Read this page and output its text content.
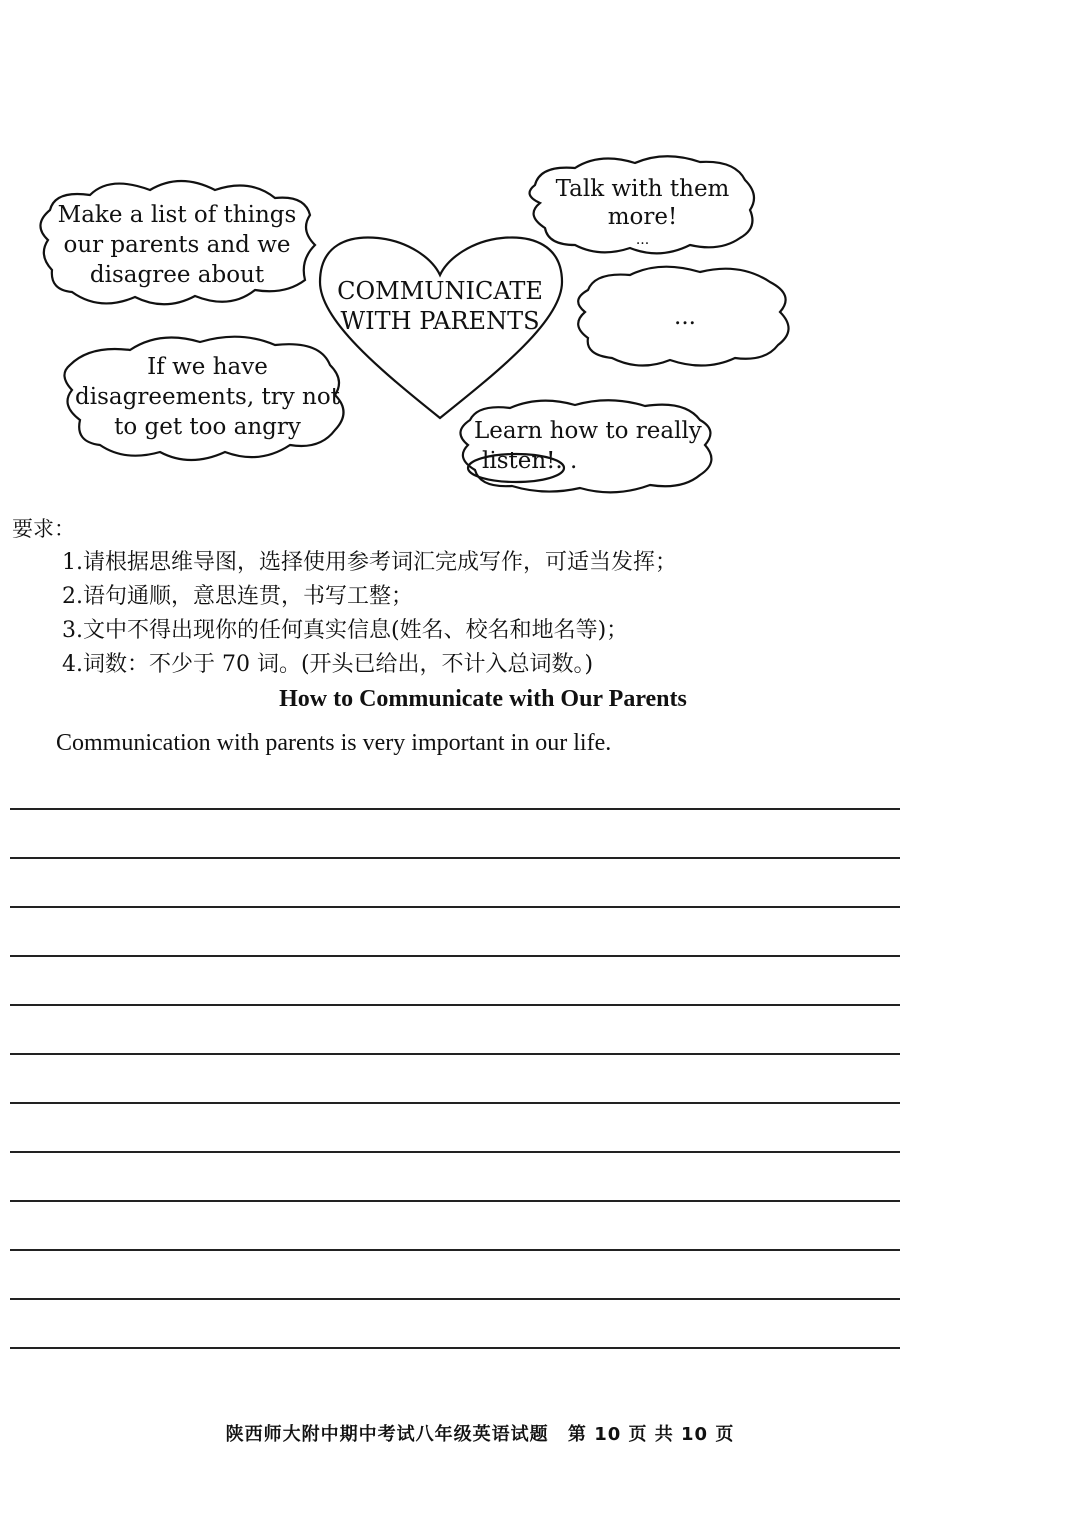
COMMUNICATE
WITH PARENTS
Make a list of things
our parents and we
disagree about
If we have
disagreements, try not
to get too angry
Talk with them
more!
...
...
Learn how to really
listen!. .
要求：
1.请根据思维导图，选择使用参考词汇完成写作，可适当发挥；
2.语句通顺，意思连贯，书写工整；
3.文中不得出现你的任何真实信息(姓名、校名和地名等)；
4.词数：不少于 70 词。(开头已给出，不计入总词数。)
How to Communicate with Our Parents
Communication with parents is very important in our life.
陕西师大附中期中考试八年级英语试题 第 10 页 共 10 页
